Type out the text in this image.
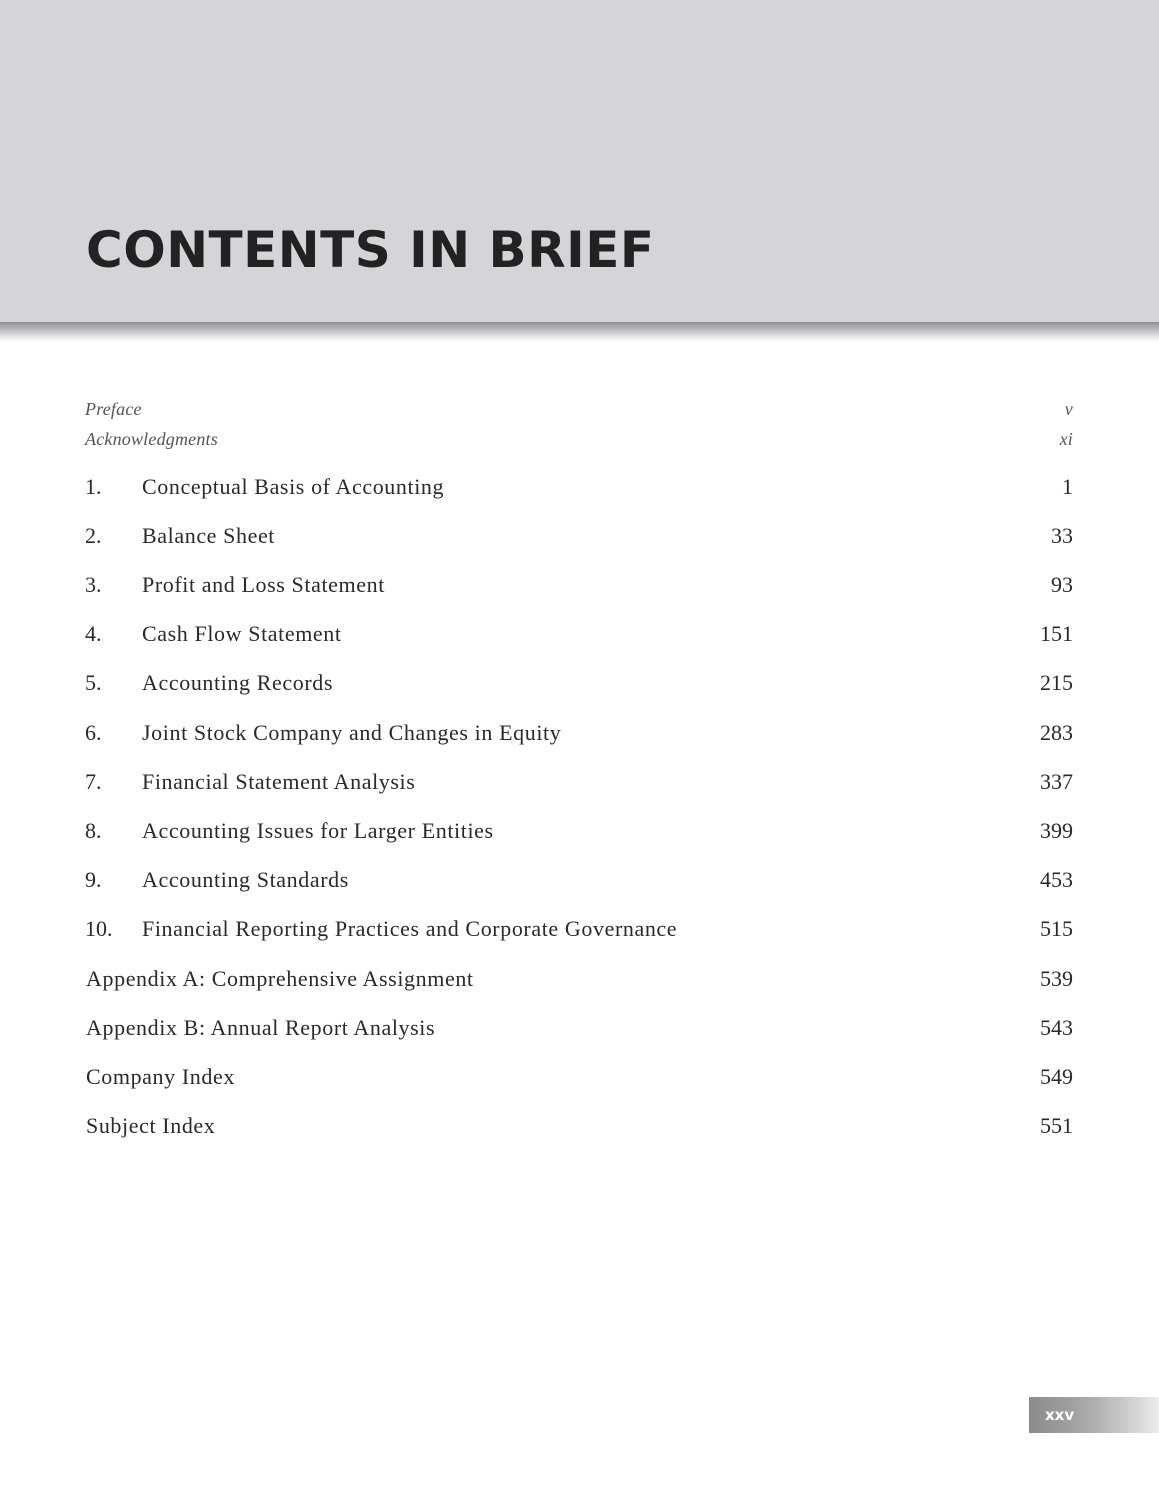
CONTENTS IN BRIEF
Preface	v
Acknowledgments	xi
1. Conceptual Basis of Accounting	1
2. Balance Sheet	33
3. Profit and Loss Statement	93
4. Cash Flow Statement	151
5. Accounting Records	215
6. Joint Stock Company and Changes in Equity	283
7. Financial Statement Analysis	337
8. Accounting Issues for Larger Entities	399
9. Accounting Standards	453
10. Financial Reporting Practices and Corporate Governance	515
Appendix A: Comprehensive Assignment	539
Appendix B: Annual Report Analysis	543
Company Index	549
Subject Index	551
xxv
